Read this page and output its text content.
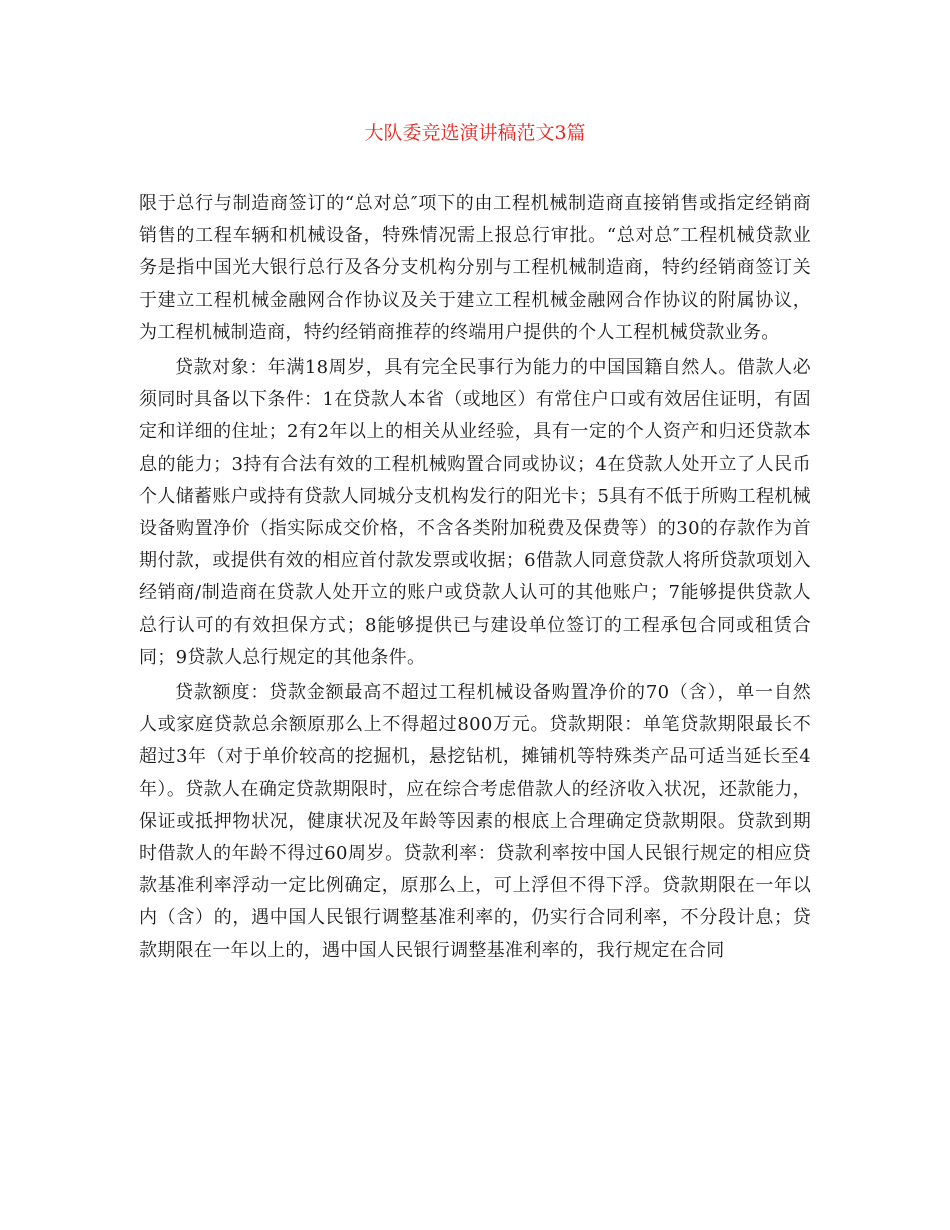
大队委竞选演讲稿范文3篇

限于总行与制造商签订的“总对总″项下的由工程机械制造商直接销售或指定经销商销售的工程车辆和机械设备，特殊情况需上报总行审批。“总对总″工程机械贷款业务是指中国光大银行总行及各分支机构分别与工程机械制造商，特约经销商签订关于建立工程机械金融网合作协议及关于建立工程机械金融网合作协议的附属协议，为工程机械制造商，特约经销商推荐的终端用户提供的个人工程机械贷款业务。

贷款对象：年满18周岁，具有完全民事行为能力的中国国籍自然人。借款人必须同时具备以下条件：1在贷款人本省（或地区）有常住户口或有效居住证明，有固定和详细的住址；2有2年以上的相关从业经验，具有一定的个人资产和归还贷款本息的能力；3持有合法有效的工程机械购置合同或协议；4在贷款人处开立了人民币个人储蓄账户或持有贷款人同城分支机构发行的阳光卡；5具有不低于所购工程机械设备购置净价（指实际成交价格，不含各类附加税费及保费等）的30的存款作为首期付款，或提供有效的相应首付款发票或收据；6借款人同意贷款人将所贷款项划入经销商/制造商在贷款人处开立的账户或贷款人认可的其他账户；7能够提供贷款人总行认可的有效担保方式；8能够提供已与建设单位签订的工程承包合同或租赁合同；9贷款人总行规定的其他条件。

贷款额度：贷款金额最高不超过工程机械设备购置净价的70（含），单一自然人或家庭贷款总余额原那么上不得超过800万元。贷款期限：单笔贷款期限最长不超过3年（对于单价较高的挖掘机，悬挖钻机，摊铺机等特殊类产品可适当延长至4年）。贷款人在确定贷款期限时，应在综合考虑借款人的经济收入状况，还款能力，保证或抵押物状况，健康状况及年龄等因素的根底上合理确定贷款期限。贷款到期时借款人的年龄不得过60周岁。贷款利率：贷款利率按中国人民银行规定的相应贷款基准利率浮动一定比例确定，原那么上，可上浮但不得下浮。贷款期限在一年以内（含）的，遇中国人民银行调整基准利率的，仍实行合同利率，不分段计息；贷款期限在一年以上的，遇中国人民银行调整基准利率的，我行规定在合同
